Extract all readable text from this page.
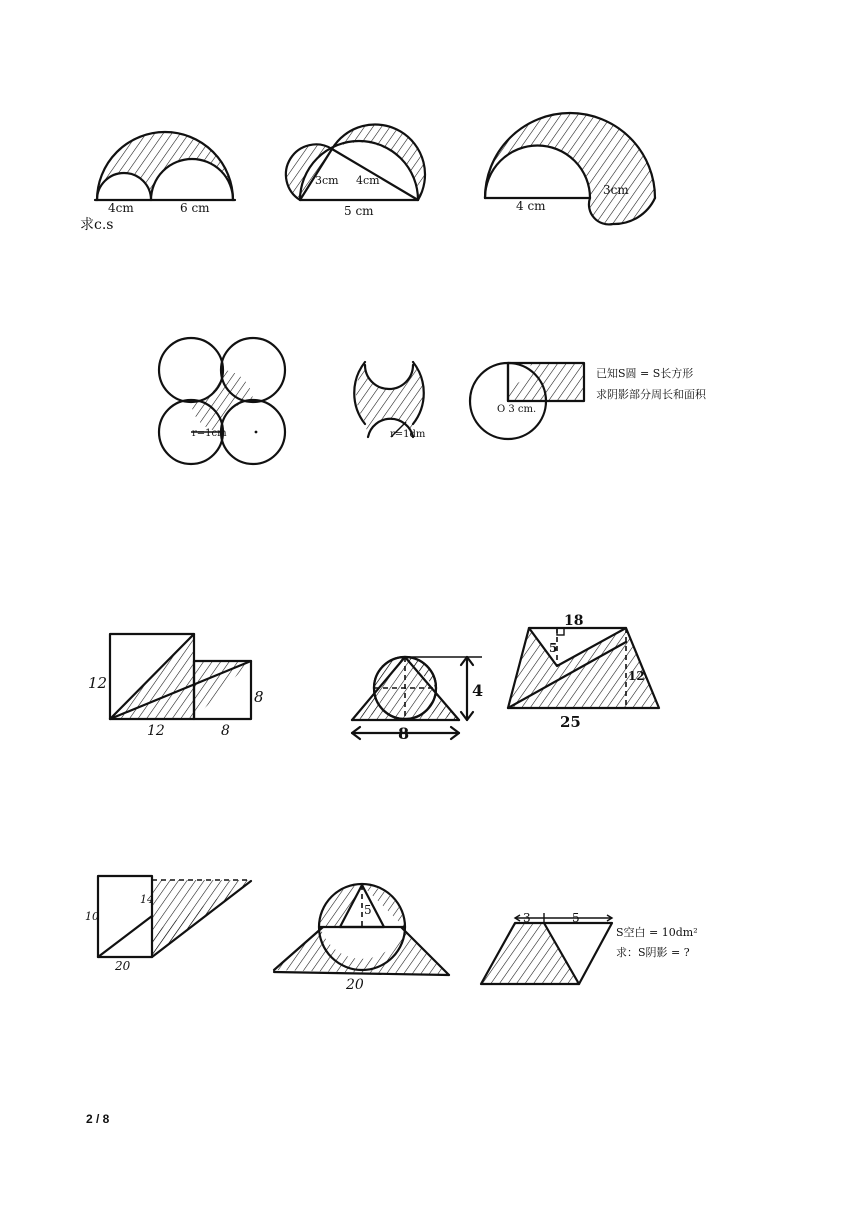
4cm	6 cm
求c.s
3cm 4cm
5 cm	4 cm
3cm
r=1cm	r=1dm
O 3 cm.
已知S圆 = S长方形
求阴影部分周长和面积
12
12	8
8	4
8
18
5
12
25
10
14
20
5
20
3	5
S空白 = 10dm²
求：S阴影 = ?
2 / 8
